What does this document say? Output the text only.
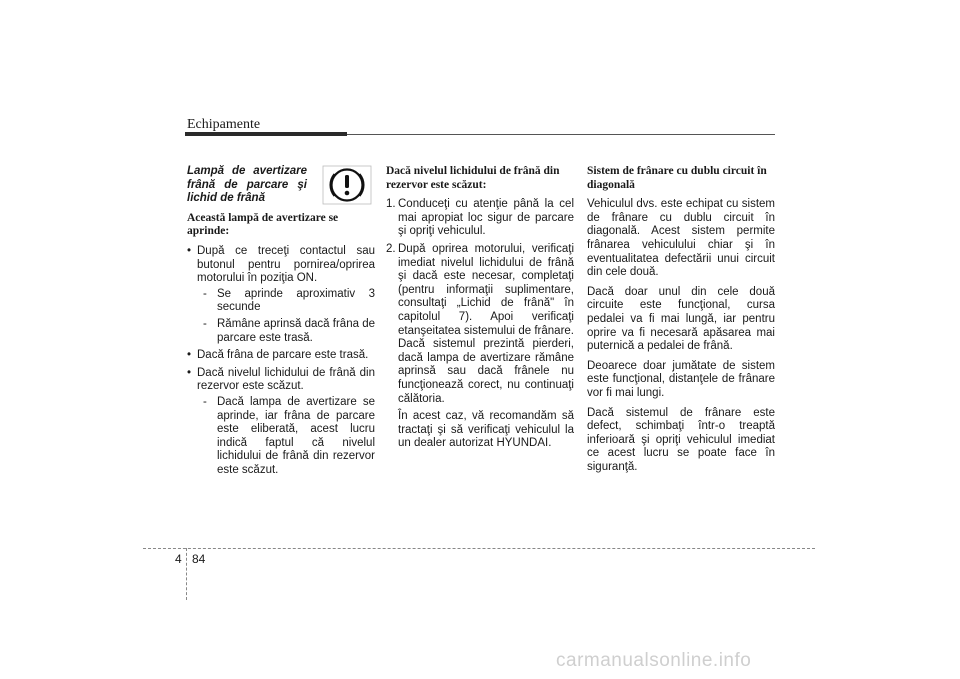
Echipamente

Lampă de avertizare frână de parcare şi lichid de frână

Această lampă de avertizare se aprinde:

• După ce treceţi contactul sau butonul pentru pornirea/oprirea motorului în poziţia ON.
- Se aprinde aproximativ 3 secunde
- Rămâne aprinsă dacă frâna de parcare este trasă.
• Dacă frâna de parcare este trasă.
• Dacă nivelul lichidului de frână din rezervor este scăzut.
- Dacă lampa de avertizare se aprinde, iar frâna de parcare este eliberată, acest lucru indică faptul că nivelul lichidului de frână din rezervor este scăzut.

Dacă nivelul lichidului de frână din rezervor este scăzut:

1. Conduceţi cu atenţie până la cel mai apropiat loc sigur de parcare şi opriţi vehiculul.
2. După oprirea motorului, verificaţi imediat nivelul lichidului de frână şi dacă este necesar, completaţi (pentru informaţii suplimentare, consultaţi „Lichid de frână" în capitolul 7). Apoi verificaţi etanşeitatea sistemului de frânare. Dacă sistemul prezintă pierderi, dacă lampa de avertizare rămâne aprinsă sau dacă frânele nu funcţionează corect, nu continuaţi călătoria.

În acest caz, vă recomandăm să tractaţi şi să verificaţi vehiculul la un dealer autorizat HYUNDAI.

Sistem de frânare cu dublu circuit în diagonală

Vehiculul dvs. este echipat cu sistem de frânare cu dublu circuit în diagonală. Acest sistem permite frânarea vehiculului chiar şi în eventualitatea defectării unui circuit din cele două.

Dacă doar unul din cele două circuite este funcţional, cursa pedalei va fi mai lungă, iar pentru oprire va fi necesară apăsarea mai puternică a pedalei de frână.

Deoarece doar jumătate de sistem este funcţional, distanţele de frânare vor fi mai lungi.

Dacă sistemul de frânare este defect, schimbaţi într-o treaptă inferioară şi opriţi vehiculul imediat ce acest lucru se poate face în siguranţă.

4 84
carmanualsonline.info
